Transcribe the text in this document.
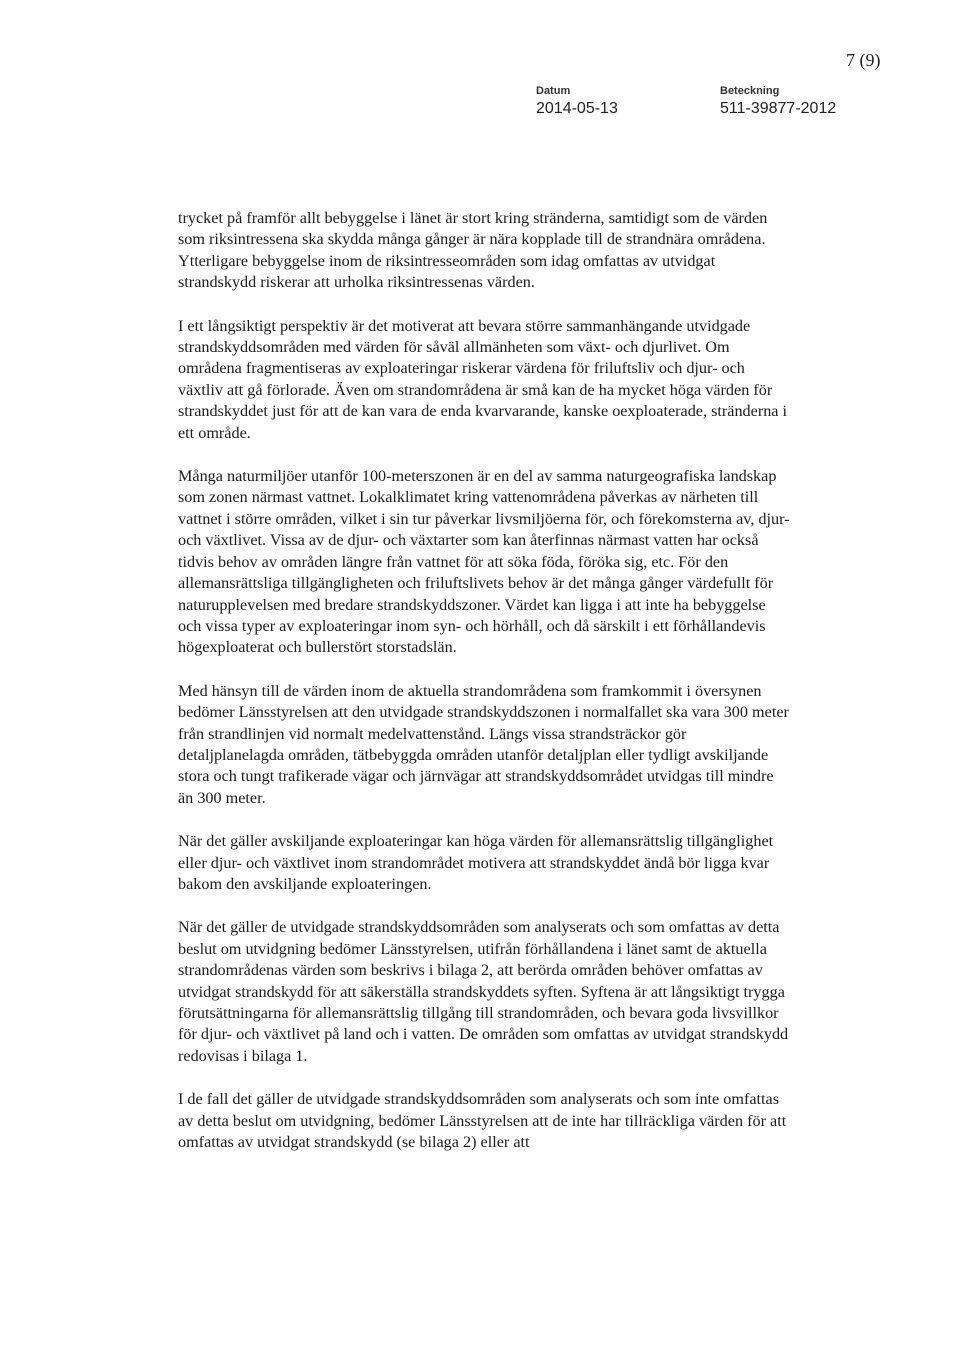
7 (9)
Datum
2014-05-13
Beteckning
511-39877-2012

trycket på framför allt bebyggelse i länet är stort kring stränderna, samtidigt som de värden som riksintressena ska skydda många gånger är nära kopplade till de strandnära områdena. Ytterligare bebyggelse inom de riksintresseområden som idag omfattas av utvidgat strandskydd riskerar att urholka riksintressenas värden.

I ett långsiktigt perspektiv är det motiverat att bevara större sammanhängande utvidgade strandskyddsområden med värden för såväl allmänheten som växt- och djurlivet. Om områdena fragmentiseras av exploateringar riskerar värdena för friluftsliv och djur- och växtliv att gå förlorade. Även om strandområdena är små kan de ha mycket höga värden för strandskyddet just för att de kan vara de enda kvarvarande, kanske oexploaterade, stränderna i ett område.

Många naturmiljöer utanför 100-meterszonen är en del av samma naturgeografiska landskap som zonen närmast vattnet. Lokalklimatet kring vattenområdena påverkas av närheten till vattnet i större områden, vilket i sin tur påverkar livsmiljöerna för, och förekomsterna av, djur- och växtlivet. Vissa av de djur- och växtarter som kan återfinnas närmast vatten har också tidvis behov av områden längre från vattnet för att söka föda, föröka sig, etc. För den allemansrättsliga tillgängligheten och friluftslivets behov är det många gånger värdefullt för naturupplevelsen med bredare strandskyddszoner. Värdet kan ligga i att inte ha bebyggelse och vissa typer av exploateringar inom syn- och hörhåll, och då särskilt i ett förhållandevis högexploaterat och bullerstört storstadslän.

Med hänsyn till de värden inom de aktuella strandområdena som framkommit i översynen bedömer Länsstyrelsen att den utvidgade strandskyddszonen i normalfallet ska vara 300 meter från strandlinjen vid normalt medelvattenstånd. Längs vissa strandsträckor gör detaljplanelagda områden, tätbebyggda områden utanför detaljplan eller tydligt avskiljande stora och tungt trafikerade vägar och järnvägar att strandskyddsområdet utvidgas till mindre än 300 meter.

När det gäller avskiljande exploateringar kan höga värden för allemansrättslig tillgänglighet eller djur- och växtlivet inom strandområdet motivera att strandskyddet ändå bör ligga kvar bakom den avskiljande exploateringen.

När det gäller de utvidgade strandskyddsområden som analyserats och som omfattas av detta beslut om utvidgning bedömer Länsstyrelsen, utifrån förhållandena i länet samt de aktuella strandområdenas värden som beskrivs i bilaga 2, att berörda områden behöver omfattas av utvidgat strandskydd för att säkerställa strandskyddets syften. Syftena är att långsiktigt trygga förutsättningarna för allemansrättslig tillgång till strandområden, och bevara goda livsvillkor för djur- och växtlivet på land och i vatten. De områden som omfattas av utvidgat strandskydd redovisas i bilaga 1.

I de fall det gäller de utvidgade strandskyddsområden som analyserats och som inte omfattas av detta beslut om utvidgning, bedömer Länsstyrelsen att de inte har tillräckliga värden för att omfattas av utvidgat strandskydd (se bilaga 2) eller att
